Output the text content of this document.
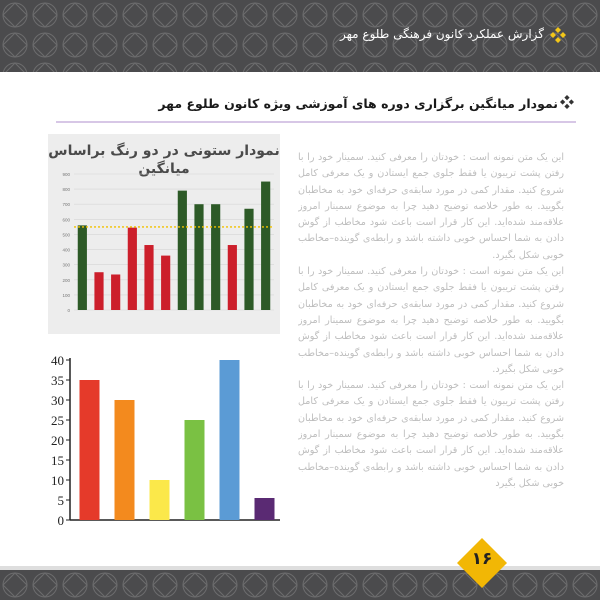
گزارش عملکرد کانون فرهنگی طلوع مهر
نمودار میانگین برگزاری دوره های آموزشی ویژه کانون طلوع مهر

این یک متن نمونه است : خودتان را معرفی کنید. سمینار خود را با رفتن پشت تریبون یا فقط جلوی جمع ایستادن و یک معرفی کامل شروع کنید. مقدار کمی در مورد سابقه‌ی حرفه‌ای خود به مخاطبان بگویید. به طور خلاصه توضیح دهید چرا به موضوع سمینار امروز علاقه‌مند شده‌اید. این کار قرار است باعث شود مخاطب از گوش دادن به شما احساس خوبی داشته باشد و رابطه‌ی گوینده–مخاطب خوبی شکل بگیرد.

این یک متن نمونه است : خودتان را معرفی کنید. سمینار خود را با رفتن پشت تریبون یا فقط جلوی جمع ایستادن و یک معرفی کامل شروع کنید. مقدار کمی در مورد سابقه‌ی حرفه‌ای خود به مخاطبان بگویید. به طور خلاصه توضیح دهید چرا به موضوع سمینار امروز علاقه‌مند شده‌اید. این کار قرار است باعث شود مخاطب از گوش دادن به شما احساس خوبی داشته باشد و رابطه‌ی گوینده–مخاطب خوبی شکل بگیرد.

این یک متن نمونه است : خودتان را معرفی کنید. سمینار خود را با رفتن پشت تریبون یا فقط جلوی جمع ایستادن و یک معرفی کامل شروع کنید. مقدار کمی در مورد سابقه‌ی حرفه‌ای خود به مخاطبان بگویید. به طور خلاصه توضیح دهید چرا به موضوع سمینار امروز علاقه‌مند شده‌اید. این کار قرار است باعث شود مخاطب از گوش دادن به شما احساس خوبی داشته باشد و رابطه‌ی گوینده–مخاطب خوبی شکل بگیرد

نمودار ستونی در دو رنگ براساس میانگین
0
100
200
300
400
500
600
700
800
900
0
5
10
15
20
25
30
35
40
۱۶
